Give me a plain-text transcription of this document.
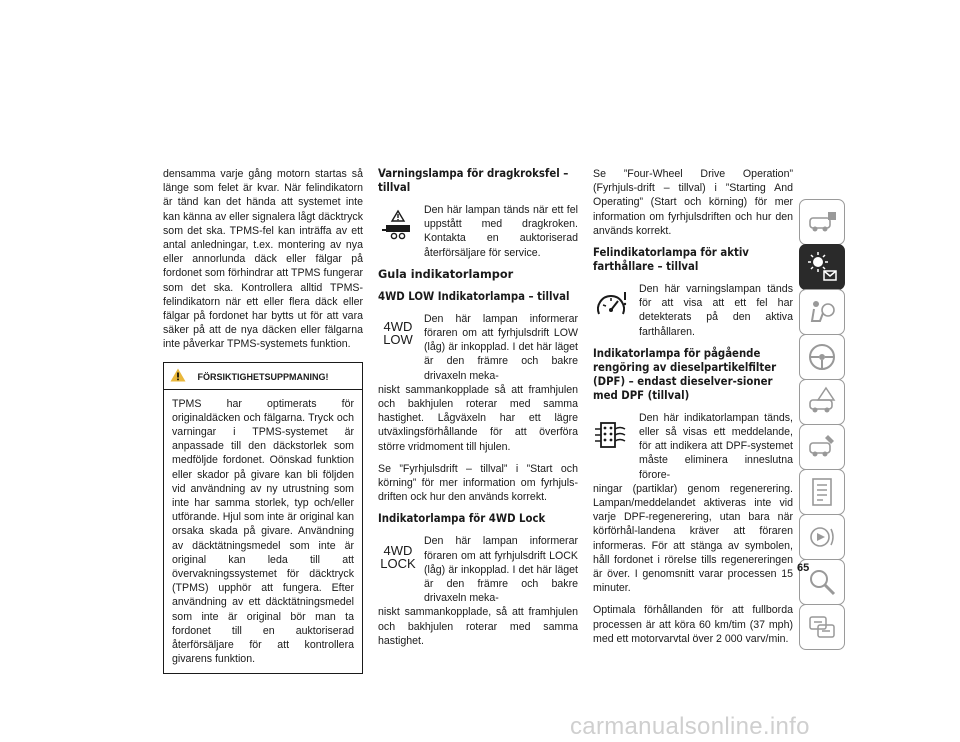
densamma varje gång motorn startas så länge som felet är kvar. När felindikatorn är tänd kan det hända att systemet inte kan känna av eller signalera lågt däcktryck som det ska. TPMS-fel kan inträffa av ett antal anledningar, t.ex. montering av nya eller annorlunda däck eller fälgar på fordonet som förhindrar att TPMS fungerar som det ska. Kontrollera alltid TPMS-felindikatorn när ett eller flera däck eller fälgar på fordonet har bytts ut för att vara säker på att de nya däcken eller fälgarna inte påverkar TPMS-systemets funktion.

FÖRSIKTIGHETSUPPMANING!
TPMS har optimerats för originaldäcken och fälgarna. Tryck och varningar i TPMS-systemet är anpassade till den däckstorlek som medföljde fordonet. Oönskad funktion eller skador på givare kan bli följden vid användning av ny utrustning som inte har samma storlek, typ och/eller utförande. Hjul som inte är original kan orsaka skada på givare. Användning av däcktätningsmedel som inte är original kan leda till att övervakningssystemet för däcktryck (TPMS) upphör att fungera. Efter användning av ett däcktätningsmedel som inte är original bör man ta fordonet till en auktoriserad återförsäljare för att kontrollera givarens funktion.
Varningslampa för dragkroksfel – tillval

Den här lampan tänds när ett fel uppstått med dragkroken. Kontakta en auktoriserad återförsäljare för service.

Gula indikatorlampor
4WD LOW Indikatorlampa – tillval
4WD
LOW

Den här lampan informerar föraren om att fyrhjulsdrift LOW (låg) är inkopplad. I det här läget är den främre och bakre drivaxeln meka-

niskt sammankopplade så att framhjulen och bakhjulen roterar med samma hastighet. Lågväxeln har ett lägre utväxlingsförhållande för att överföra större vridmoment till hjulen.

Se ”Fyrhjulsdrift – tillval” i ”Start och körning” för mer information om fyrhjuls-driften ock hur den används korrekt.

Indikatorlampa för 4WD Lock
4WD
LOCK

Den här lampan informerar föraren om att fyrhjulsdrift LOCK (låg) är inkopplad. I det här läget är den främre och bakre drivaxeln meka-

niskt sammankopplade, så att framhjulen och bakhjulen roterar med samma hastighet.

Se ”Four-Wheel Drive Operation” (Fyrhjuls-drift – tillval) i ”Starting And Operating” (Start och körning) för mer information om fyrhjulsdriften och hur den används korrekt.

Felindikatorlampa för aktiv farthållare – tillval

Den här varningslampan tänds för att visa att ett fel har detekterats på den aktiva farthållaren.

Indikatorlampa för pågående rengöring av dieselpartikelfilter (DPF) – endast dieselver-sioner med DPF (tillval)

Den här indikatorlampan tänds, eller så visas ett meddelande, för att indikera att DPF-systemet måste eliminera inneslutna förore-

ningar (partiklar) genom regenerering. Lampan/meddelandet aktiveras inte vid varje DPF-regenerering, utan bara när körförhål-landena kräver att föraren informeras. För att stänga av symbolen, håll fordonet i rörelse tills regenereringen är över. I genomsnitt varar processen 15 minuter.

Optimala förhållanden för att fullborda processen är att köra 60 km/tim (37 mph) med ett motorvarvtal över 2 000 varv/min.

65
carmanualsonline.info
